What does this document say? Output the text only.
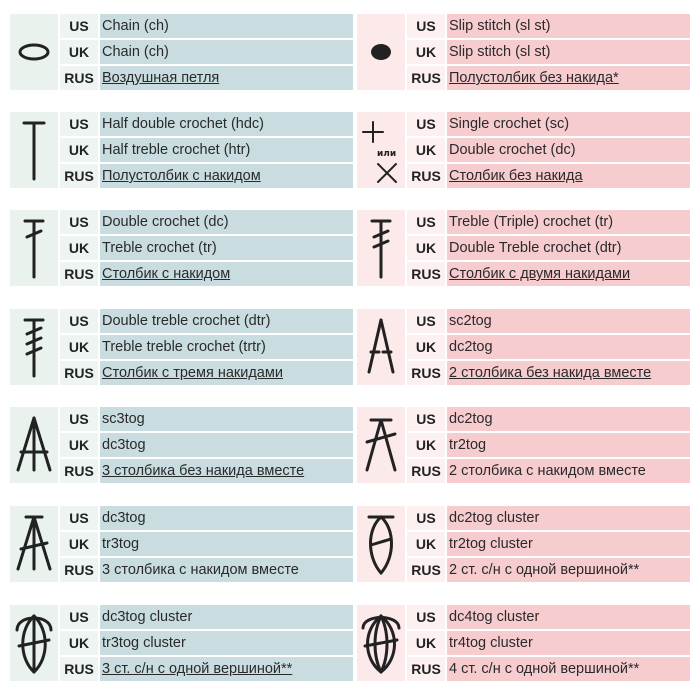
US Chain (ch)
UK Chain (ch)
RUS Воздушная петля
US Slip stitch (sl st)
UK Slip stitch (sl st)
RUS Полустолбик без накида*
US Half double crochet (hdc)
UK Half treble crochet (htr)
RUS Полустолбик с накидом
или
US Single crochet (sc)
UK Double crochet (dc)
RUS Столбик без накида
US Double crochet (dc)
UK Treble crochet (tr)
RUS Столбик с накидом
US Treble (Triple) crochet (tr)
UK Double Treble crochet (dtr)
RUS Столбик с двумя накидами
US Double treble crochet (dtr)
UK Treble treble crochet (trtr)
RUS Столбик с тремя накидами
US sc2tog
UK dc2tog
RUS 2 столбика без накида вместе
US sc3tog
UK dc3tog
RUS 3 столбика без накида вместе
US dc2tog
UK tr2tog
RUS 2 столбика с накидом вместе
US dc3tog
UK tr3tog
RUS 3 столбика с накидом вместе
US dc2tog cluster
UK tr2tog cluster
RUS 2 ст. с/н с одной вершиной**
US dc3tog cluster
UK tr3tog cluster
RUS 3 ст. с/н с одной вершиной**
US dc4tog cluster
UK tr4tog cluster
RUS 4 ст. с/н с одной вершиной**
